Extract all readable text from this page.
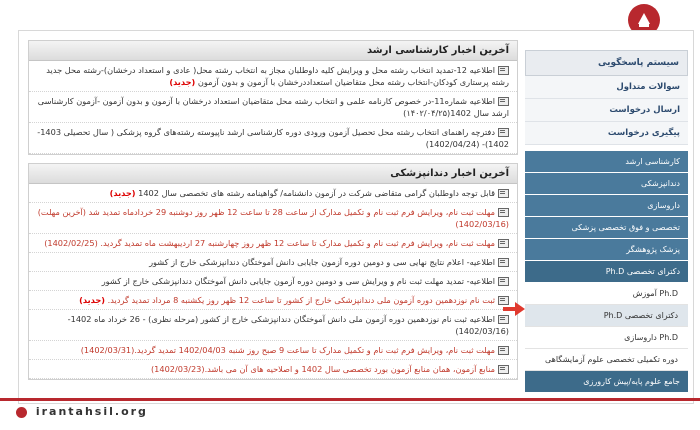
آخرین اخبار کارشناسی ارشد
اطلاعیه 12-تمدید انتخاب رشته محل و ویرایش کلیه داوطلبان مجاز به انتخاب رشته محل( عادی و استعداد درخشان)-رشته محل جدید رشته پرستاری کودکان-انتخاب رشته محل متقاضیان استعداددرخشان با آزمون و بدون آزمون (جدید)
اطلاعیه شماره11-در خصوص کارنامه علمی و انتخاب رشته محل متقاضیان استعداد درخشان با آزمون و بدون آزمون -آزمون کارشناسی ارشد سال 1402(۱۴۰۲/۰۴/۲۵)
دفترچه راهنمای انتخاب رشته محل تحصیل آزمون ورودی دوره کارشناسی ارشد ناپیوسته رشته‌های گروه پزشکی ( سال تحصیلی 1403-1402)- (1402/04/24)
آخرین اخبار دندانپزشکی
قابل توجه داوطلبان گرامی متقاضی شرکت در آزمون دانشنامه/ گواهینامه رشته های تخصصی سال 1402 (جدید)
مهلت ثبت نام، ویرایش فرم ثبت نام و تکمیل مدارک از ساعت 28 تا ساعت 12 ظهر روز دوشنبه 29 خردادماه تمدید شد (آخرین مهلت)(1402/03/16)
مهلت ثبت نام، ویرایش فرم ثبت نام و تکمیل مدارک تا ساعت 12 ظهر روز چهارشنبه 27 اردیبهشت ماه تمدید گردید. (1402/02/25)
اطلاعیه- اعلام نتایج نهایی سی و دومین دوره آزمون جایابی دانش آموختگان دندانپزشکی خارج از کشور
اطلاعیه- تمدید مهلت ثبت نام و ویرایش سی و دومین دوره آزمون جایابی دانش آموختگان دندانپزشکی خارج از کشور
ثبت نام نوزدهمین دوره آزمون ملی دندانپزشکی خارج از کشور تا ساعت 12 ظهر روز یکشنبه 8 مرداد تمدید گردید. (جدید)
اطلاعیه ثبت نام نوزدهمین دوره آزمون ملی دانش آموختگان دندانپزشکی خارج از کشور (مرحله نظری) - 26 خرداد ماه 1402- (1402/03/16)
مهلت ثبت نام، ویرایش فرم ثبت نام و تکمیل مدارک تا ساعت 9 صبح روز شنبه 1402/04/03 تمدید گردید.(1402/03/31)
منابع آزمون، همان منابع آزمون بورد تخصصی سال 1402 و اصلاحیه های آن می باشد.(1402/03/23)
سیستم پاسخگویی
سوالات متداول
ارسال درخواست
پیگیری درخواست
کارشناسی ارشد
دندانپزشکی
داروسازی
تخصصی و فوق تخصصی پزشکی
پزشک پژوهشگر
دکترای تخصصی Ph.D
Ph.D آموزش
دکترای تخصصی Ph.D
Ph.D داروسازی
دوره تکمیلی تخصصی علوم آزمایشگاهی
جامع علوم پایه/پیش کارورزی
irantahsil.org
